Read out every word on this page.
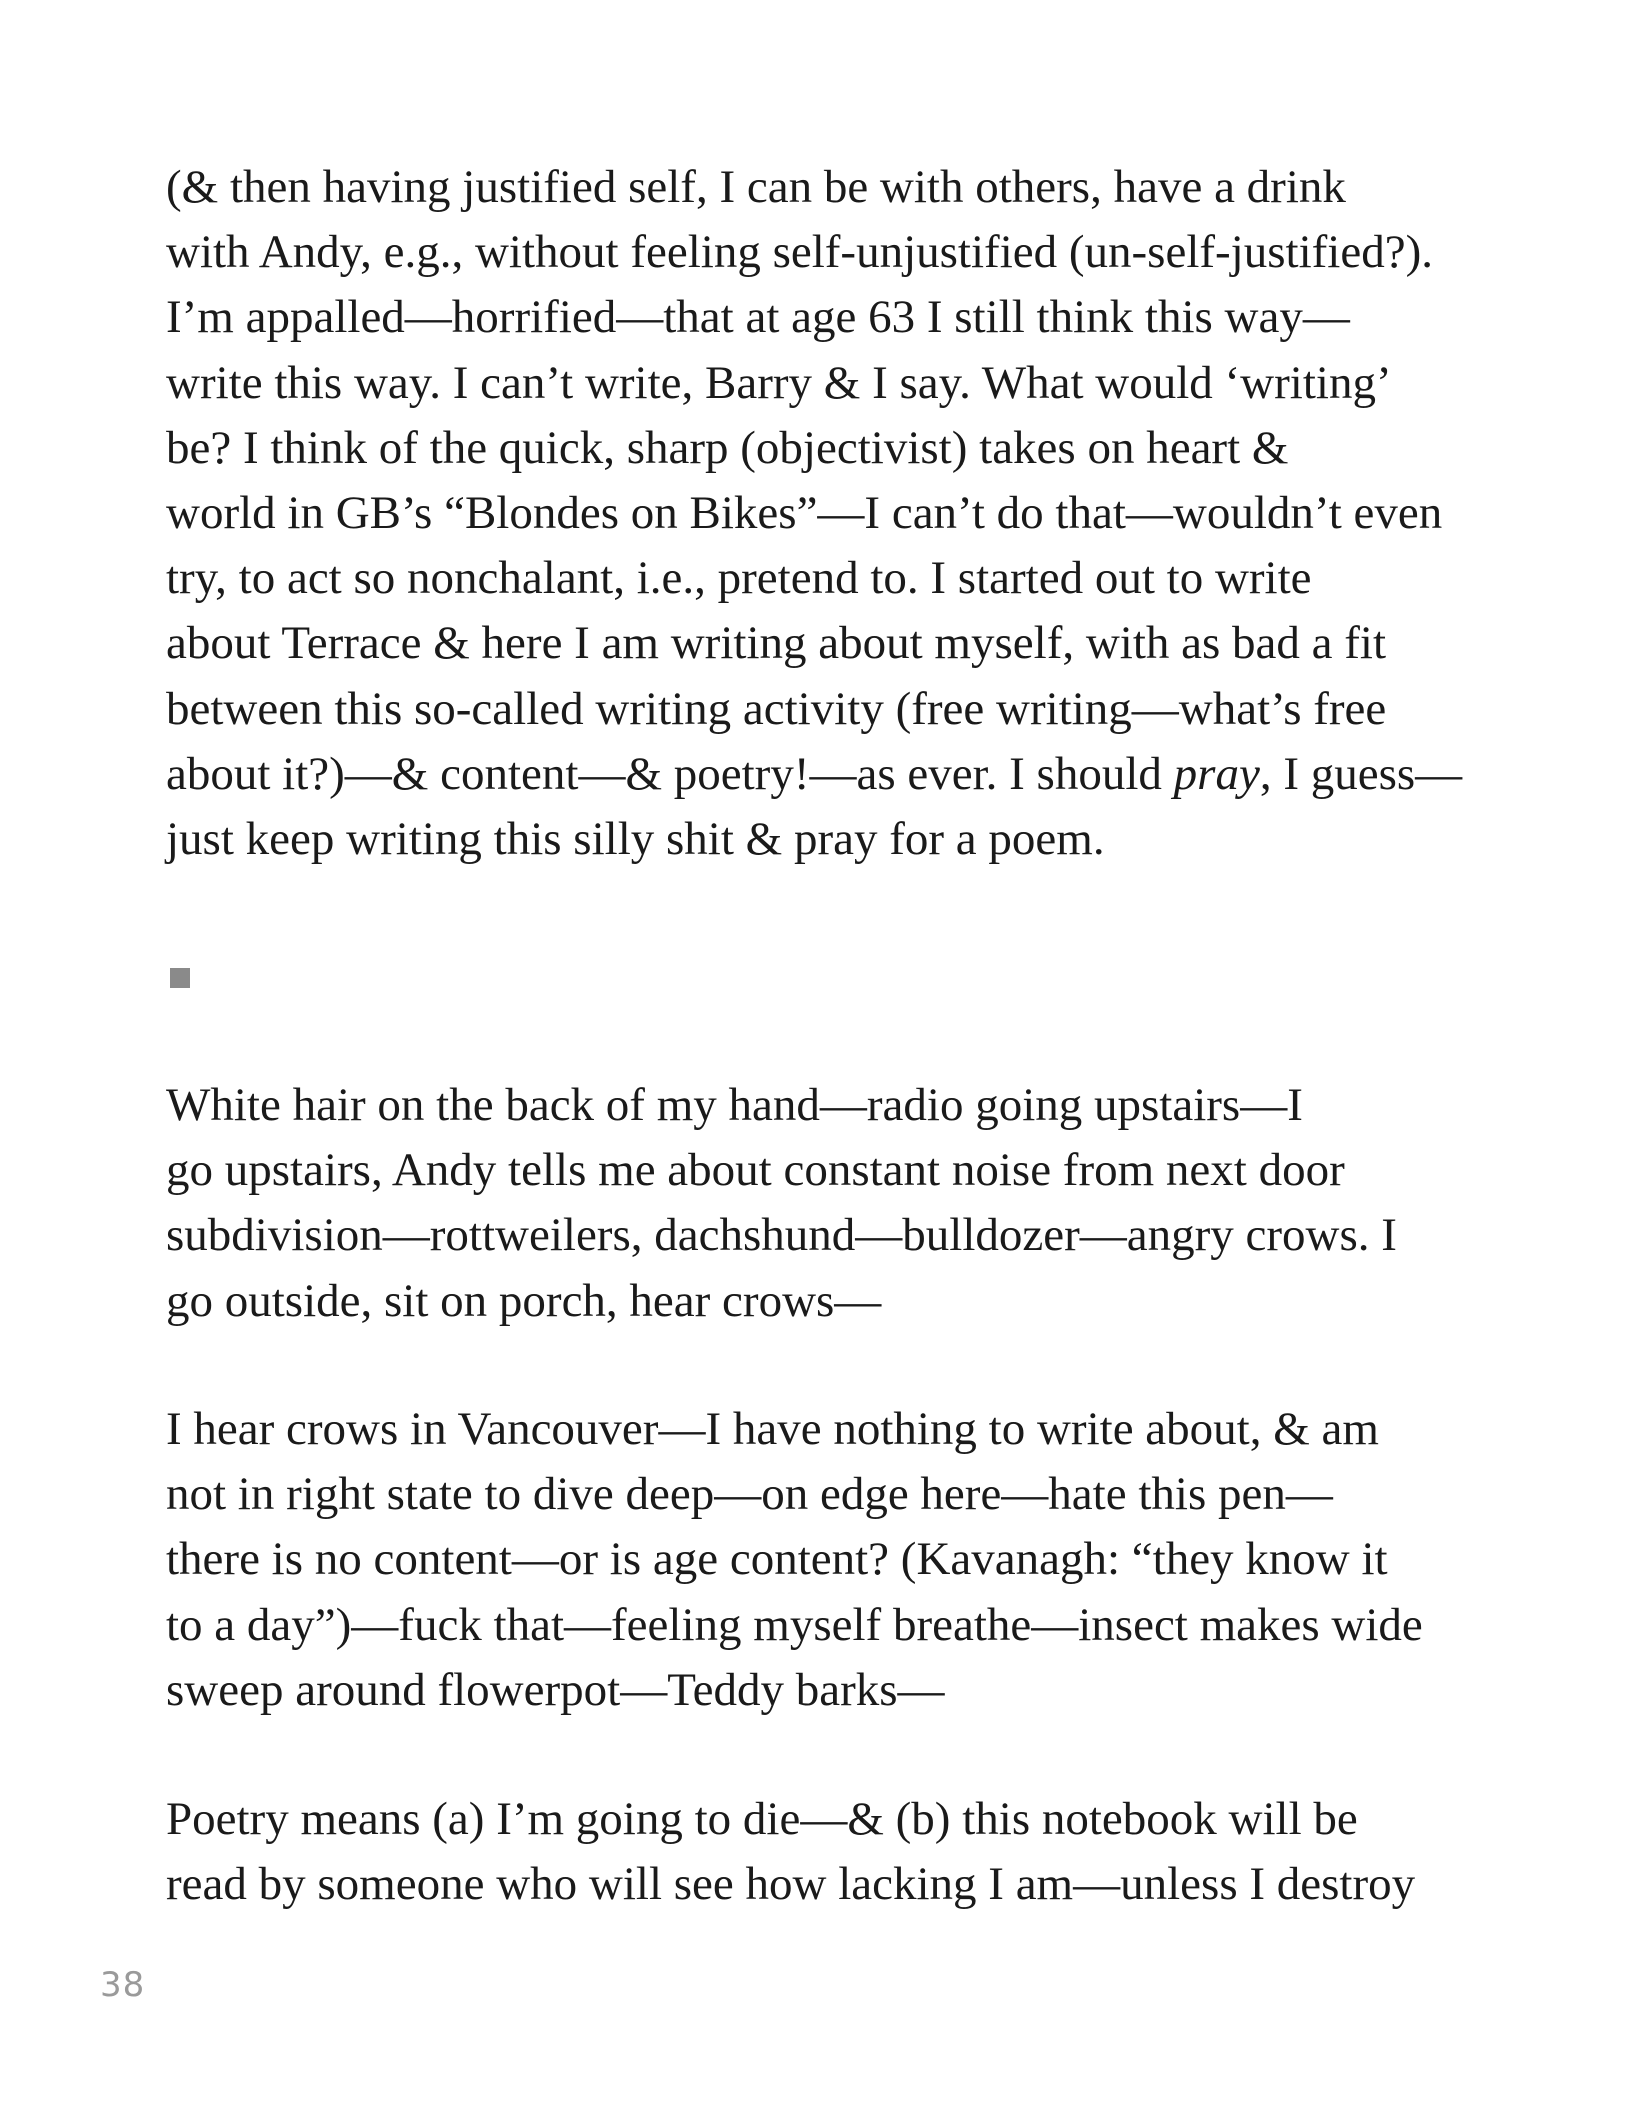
(& then having justified self, I can be with others, have a drink
with Andy, e.g., without feeling self-unjustified (un-self-justified?).
I’m appalled—horrified—that at age 63 I still think this way—
write this way. I can’t write, Barry & I say. What would ‘writing’
be? I think of the quick, sharp (objectivist) takes on heart &
world in GB’s “Blondes on Bikes”—I can’t do that—wouldn’t even
try, to act so nonchalant, i.e., pretend to. I started out to write
about Terrace & here I am writing about myself, with as bad a fit
between this so-called writing activity (free writing—what’s free
about it?)—& content—& poetry!—as ever. I should pray, I guess—
just keep writing this silly shit & pray for a poem.
White hair on the back of my hand—radio going upstairs—I
go upstairs, Andy tells me about constant noise from next door
subdivision—rottweilers, dachshund—bulldozer—angry crows. I
go outside, sit on porch, hear crows—
I hear crows in Vancouver—I have nothing to write about, & am
not in right state to dive deep—on edge here—hate this pen—
there is no content—or is age content? (Kavanagh: “they know it
to a day”)—fuck that—feeling myself breathe—insect makes wide
sweep around flowerpot—Teddy barks—
Poetry means (a) I’m going to die—& (b) this notebook will be
read by someone who will see how lacking I am—unless I destroy
38
